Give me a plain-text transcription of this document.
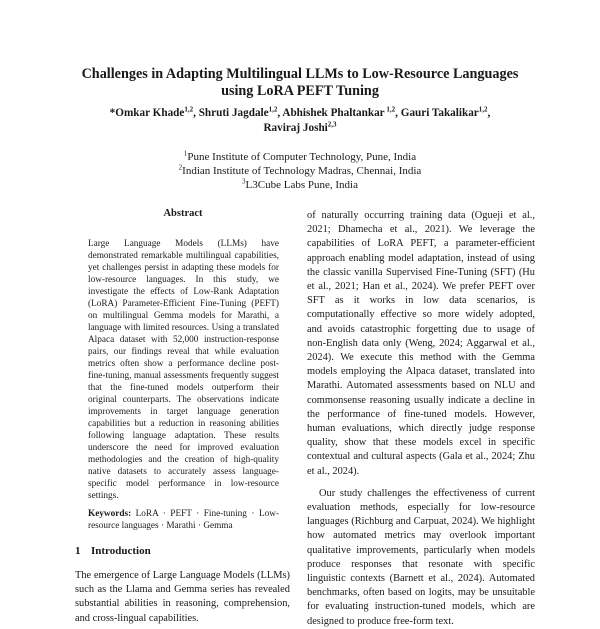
Challenges in Adapting Multilingual LLMs to Low-Resource Languages
using LoRA PEFT Tuning
*Omkar Khade$^{1,2}$, Shruti Jagdale$^{1,2}$, Abhishek Phaltankar $^{1,2}$, Gauri Takalikar$^{1,2}$,
Raviraj Joshi$^{2,3}$
$^1$Pune Institute of Computer Technology, Pune, India
$^2$Indian Institute of Technology Madras, Chennai, India
$^3$L3Cube Labs Pune, India
Abstract
Large Language Models (LLMs) have demonstrated remarkable multilingual capabilities, yet challenges persist in adapting these models for low-resource languages. In this study, we investigate the effects of Low-Rank Adaptation (LoRA) Parameter-Efficient Fine-Tuning (PEFT) on multilingual Gemma models for Marathi, a language with limited resources. Using a translated Alpaca dataset with 52,000 instruction-response pairs, our findings reveal that while evaluation metrics often show a performance decline post-fine-tuning, manual assessments frequently suggest that the fine-tuned models outperform their original counterparts. The observations indicate improvements in target language generation capabilities but a reduction in reasoning abilities following language adaptation. These results underscore the need for improved evaluation methodologies and the creation of high-quality native datasets to accurately assess language-specific model performance in low-resource settings.
Keywords: LoRA · PEFT · Fine-tuning · Low-resource languages · Marathi · Gemma
1 Introduction
The emergence of Large Language Models (LLMs) such as the Llama and Gemma series has revealed substantial abilities in reasoning, comprehension, and cross-lingual capabilities.

of naturally occurring training data (Ogueji et al., 2021; Dhamecha et al., 2021). We leverage the capabilities of LoRA PEFT, a parameter-efficient approach enabling model adaptation, instead of using the classic vanilla Supervised Fine-Tuning (SFT) (Hu et al., 2021; Han et al., 2024). We prefer PEFT over SFT as it works in low data scenarios, is computationally effective so more widely adopted, and avoids catastrophic forgetting due to usage of non-English data only (Weng, 2024; Aggarwal et al., 2024). We execute this method with the Gemma models employing the Alpaca dataset, translated into Marathi. Automated assessments based on NLU and commonsense reasoning usually indicate a decline in the performance of fine-tuned models. However, human evaluations, which directly judge response quality, show that these models excel in specific contextual and cultural aspects (Gala et al., 2024; Zhu et al., 2024).

Our study challenges the effectiveness of current evaluation methods, especially for low-resource languages (Richburg and Carpuat, 2024). We highlight how automated metrics may overlook important qualitative improvements, particularly when models produce responses that resonate with specific linguistic contexts (Barnett et al., 2024). Automated benchmarks, often based on logits, may be unsuitable for evaluating instruction-tuned models, which are designed to produce free-form text.
